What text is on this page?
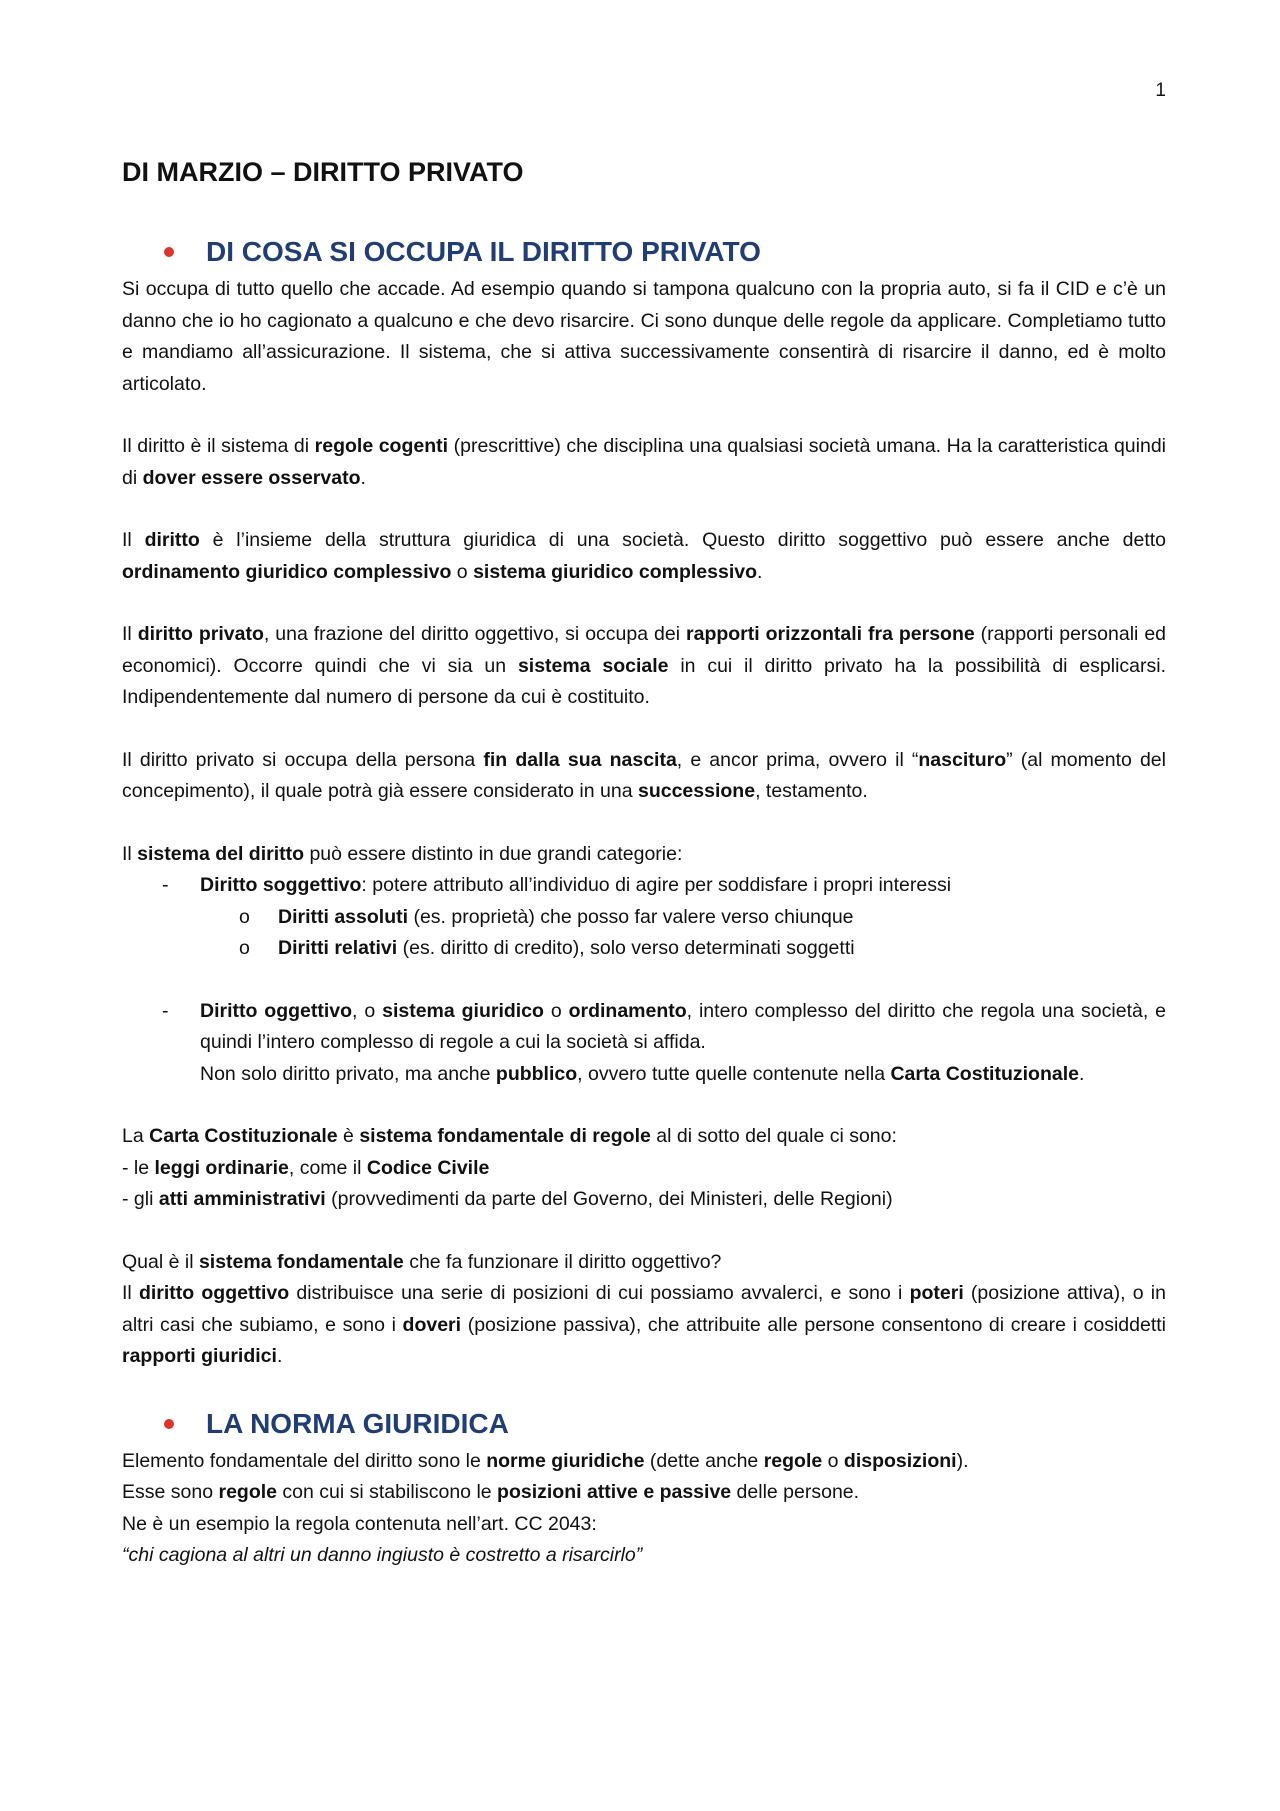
1
DI MARZIO – DIRITTO PRIVATO
DI COSA SI OCCUPA IL DIRITTO PRIVATO

Si occupa di tutto quello che accade. Ad esempio quando si tampona qualcuno con la propria auto, si fa il CID e c’è un danno che io ho cagionato a qualcuno e che devo risarcire. Ci sono dunque delle regole da applicare. Completiamo tutto e mandiamo all’assicurazione. Il sistema, che si attiva successivamente consentirà di risarcire il danno, ed è molto articolato.

Il diritto è il sistema di regole cogenti (prescrittive) che disciplina una qualsiasi società umana. Ha la caratteristica quindi di dover essere osservato.

Il diritto è l’insieme della struttura giuridica di una società. Questo diritto soggettivo può essere anche detto ordinamento giuridico complessivo o sistema giuridico complessivo.

Il diritto privato, una frazione del diritto oggettivo, si occupa dei rapporti orizzontali fra persone (rapporti personali ed economici). Occorre quindi che vi sia un sistema sociale in cui il diritto privato ha la possibilità di esplicarsi. Indipendentemente dal numero di persone da cui è costituito.

Il diritto privato si occupa della persona fin dalla sua nascita, e ancor prima, ovvero il “nascituro” (al momento del concepimento), il quale potrà già essere considerato in una successione, testamento.

Il sistema del diritto può essere distinto in due grandi categorie:

- Diritto soggettivo: potere attributo all’individuo di agire per soddisfare i propri interessi
o Diritti assoluti (es. proprietà) che posso far valere verso chiunque
o Diritti relativi (es. diritto di credito), solo verso determinati soggetti
- Diritto oggettivo, o sistema giuridico o ordinamento, intero complesso del diritto che regola una società, e quindi l’intero complesso di regole a cui la società si affida.
Non solo diritto privato, ma anche pubblico, ovvero tutte quelle contenute nella Carta Costituzionale.

La Carta Costituzionale è sistema fondamentale di regole al di sotto del quale ci sono:
- le leggi ordinarie, come il Codice Civile
- gli atti amministrativi (provvedimenti da parte del Governo, dei Ministeri, delle Regioni)

Qual è il sistema fondamentale che fa funzionare il diritto oggettivo?
Il diritto oggettivo distribuisce una serie di posizioni di cui possiamo avvalerci, e sono i poteri (posizione attiva), o in altri casi che subiamo, e sono i doveri (posizione passiva), che attribuite alle persone consentono di creare i cosiddetti rapporti giuridici.

LA NORMA GIURIDICA

Elemento fondamentale del diritto sono le norme giuridiche (dette anche regole o disposizioni).
Esse sono regole con cui si stabiliscono le posizioni attive e passive delle persone.
Ne è un esempio la regola contenuta nell’art. CC 2043:
“chi cagiona al altri un danno ingiusto è costretto a risarcirlo”
